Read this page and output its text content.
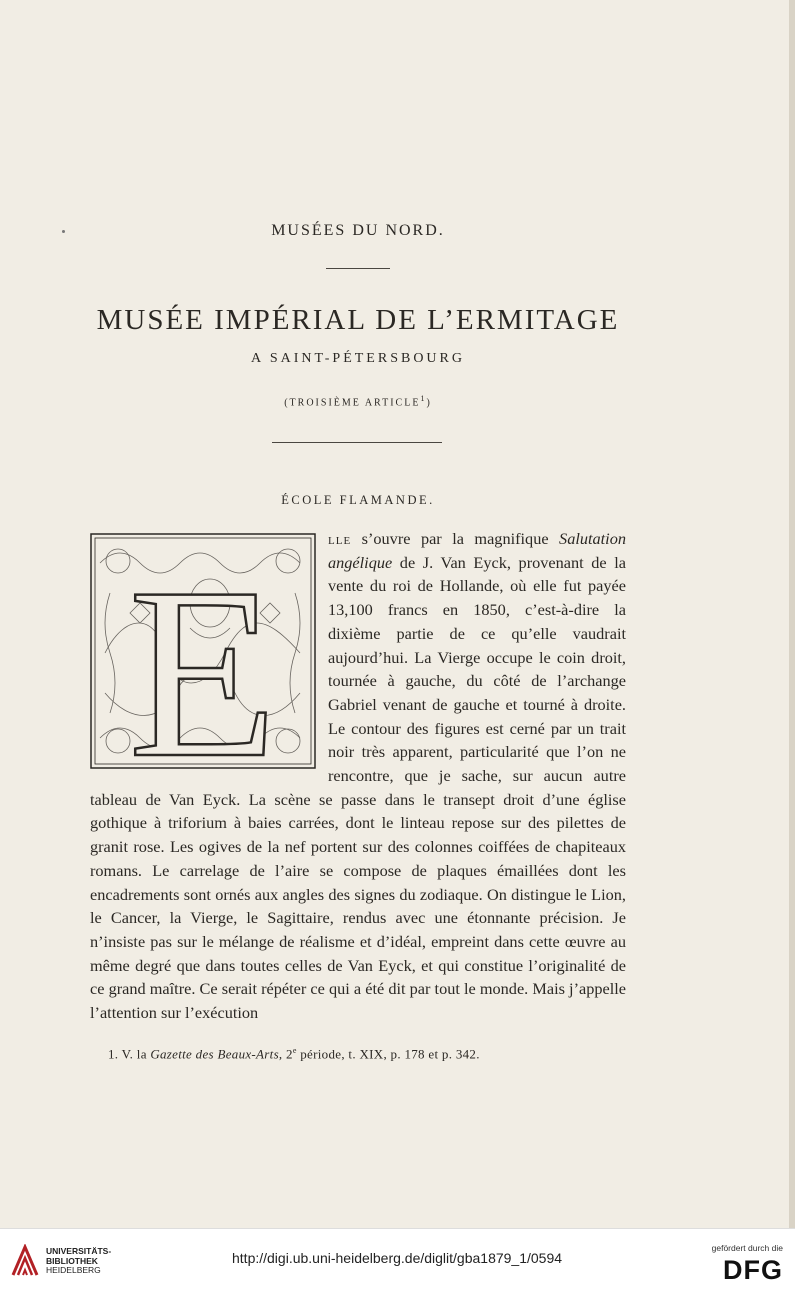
MUSÉES DU NORD.
MUSÉE IMPÉRIAL DE L’ERMITAGE
A SAINT-PÉTERSBOURG
(TROISIÈME ARTICLE$^1$)
ÉCOLE FLAMANDE.
E	lle s’ouvre par la magnifique Salutation angélique de J. Van Eyck, provenant de la vente du roi de Hollande, où elle fut payée 13,100 francs en 1850, c’est-à-dire la dixième partie de ce qu’elle vaudrait aujourd’hui. La Vierge occupe le coin droit, tournée à gauche, du côté de l’archange Gabriel venant de gauche et tourné à droite. Le contour des figures est cerné par un trait noir très apparent, particularité que l’on ne rencontre, que je sache, sur aucun autre tableau de Van Eyck. La scène se passe dans le transept droit d’une église gothique à triforium à baies carrées, dont le linteau repose sur des pilettes de granit rose. Les ogives de la nef portent sur des colonnes coiffées de chapiteaux romans. Le carrelage de l’aire se compose de plaques émaillées dont les encadrements sont ornés aux angles des signes du zodiaque. On distingue le Lion, le Cancer, la Vierge, le Sagittaire, rendus avec une étonnante précision. Je n’insiste pas sur le mélange de réalisme et d’idéal, empreint dans cette œuvre au même degré que dans toutes celles de Van Eyck, et qui constitue l’originalité de ce grand maître. Ce serait répéter ce qui a été dit par tout le monde. Mais j’appelle l’attention sur l’exécution
1. V. la Gazette des Beaux-Arts, 2e période, t. XIX, p. 178 et p. 342.
UNIVERSITÄTS-
BIBLIOTHEK
HEIDELBERG
http://digi.ub.uni-heidelberg.de/diglit/gba1879_1/0594
gefördert durch die
DFG
